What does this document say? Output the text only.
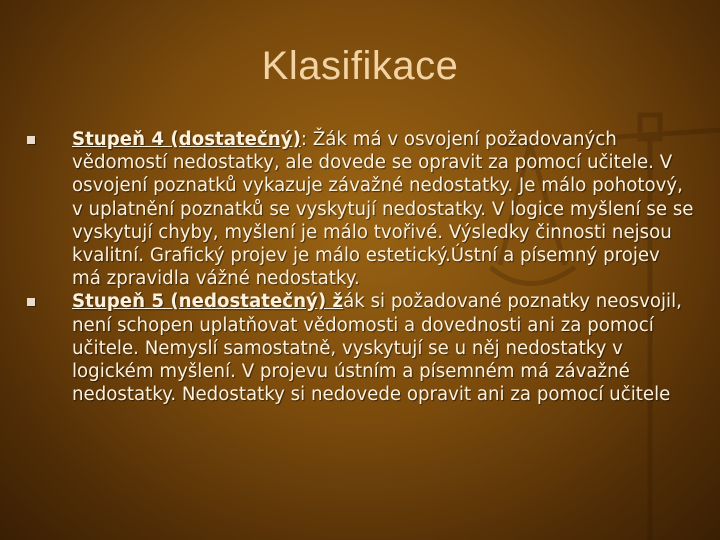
Klasifikace
Stupeň 4 (dostatečný): Žák má v osvojení požadovaných vědomostí nedostatky, ale dovede se opravit za pomocí učitele. V osvojení poznatků vykazuje závažné nedostatky. Je málo pohotový, v uplatnění poznatků se vyskytují nedostatky. V logice myšlení se se vyskytují chyby, myšlení je málo tvořivé. Výsledky činnosti nejsou kvalitní. Grafický projev je málo estetický.Ústní a písemný projev má zpravidla vážné nedostatky.
Stupeň 5 (nedostatečný) žák si požadované poznatky neosvojil, není schopen uplatňovat vědomosti a dovednosti ani za pomocí učitele. Nemyslí samostatně, vyskytují se u něj nedostatky v logickém myšlení. V projevu ústním a písemném má závažné nedostatky. Nedostatky si nedovede opravit ani za pomocí učitele
